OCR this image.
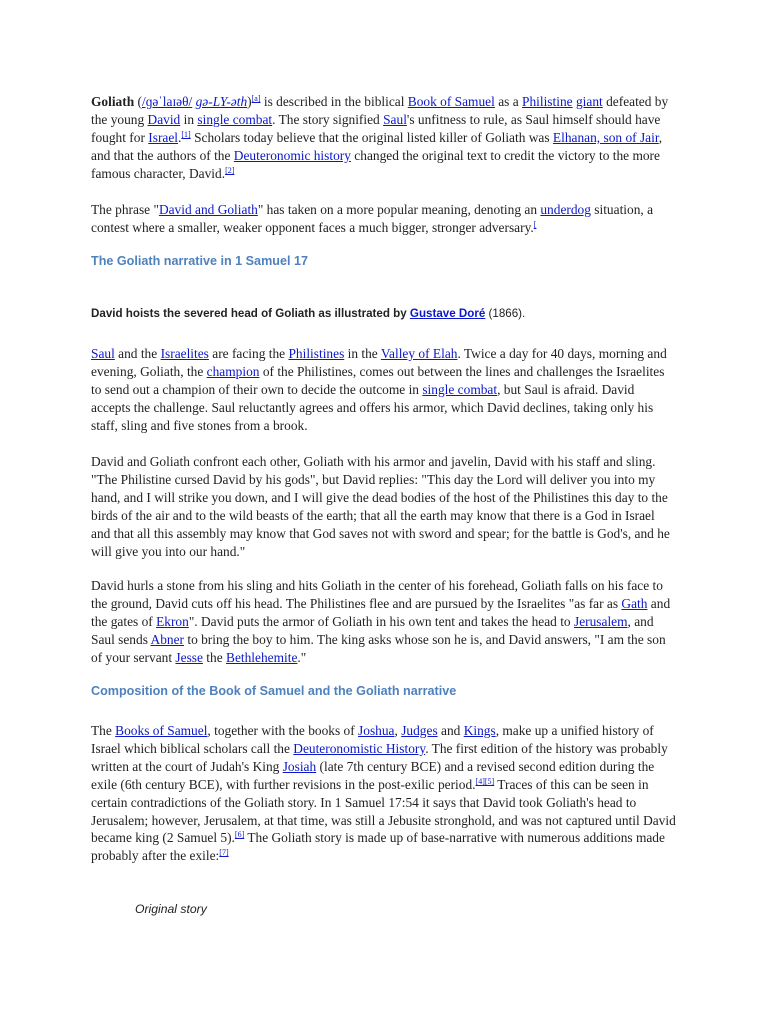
Goliath (/ɡəˈlaɪəθ/ gə-LY-əth)[a] is described in the biblical Book of Samuel as a Philistine giant defeated by the young David in single combat. The story signified Saul's unfitness to rule, as Saul himself should have fought for Israel.[1] Scholars today believe that the original listed killer of Goliath was Elhanan, son of Jair, and that the authors of the Deuteronomic history changed the original text to credit the victory to the more famous character, David.[2]

The phrase "David and Goliath" has taken on a more popular meaning, denoting an underdog situation, a contest where a smaller, weaker opponent faces a much bigger, stronger adversary.[

The Goliath narrative in 1 Samuel 17
David hoists the severed head of Goliath as illustrated by Gustave Doré (1866).

Saul and the Israelites are facing the Philistines in the Valley of Elah. Twice a day for 40 days, morning and evening, Goliath, the champion of the Philistines, comes out between the lines and challenges the Israelites to send out a champion of their own to decide the outcome in single combat, but Saul is afraid. David accepts the challenge. Saul reluctantly agrees and offers his armor, which David declines, taking only his staff, sling and five stones from a brook.

David and Goliath confront each other, Goliath with his armor and javelin, David with his staff and sling. "The Philistine cursed David by his gods", but David replies: "This day the Lord will deliver you into my hand, and I will strike you down, and I will give the dead bodies of the host of the Philistines this day to the birds of the air and to the wild beasts of the earth; that all the earth may know that there is a God in Israel and that all this assembly may know that God saves not with sword and spear; for the battle is God's, and he will give you into our hand."

David hurls a stone from his sling and hits Goliath in the center of his forehead, Goliath falls on his face to the ground, David cuts off his head. The Philistines flee and are pursued by the Israelites "as far as Gath and the gates of Ekron". David puts the armor of Goliath in his own tent and takes the head to Jerusalem, and Saul sends Abner to bring the boy to him. The king asks whose son he is, and David answers, "I am the son of your servant Jesse the Bethlehemite."

Composition of the Book of Samuel and the Goliath narrative

The Books of Samuel, together with the books of Joshua, Judges and Kings, make up a unified history of Israel which biblical scholars call the Deuteronomistic History. The first edition of the history was probably written at the court of Judah's King Josiah (late 7th century BCE) and a revised second edition during the exile (6th century BCE), with further revisions in the post-exilic period.[4][5] Traces of this can be seen in certain contradictions of the Goliath story. In 1 Samuel 17:54 it says that David took Goliath's head to Jerusalem; however, Jerusalem, at that time, was still a Jebusite stronghold, and was not captured until David became king (2 Samuel 5).[6] The Goliath story is made up of base-narrative with numerous additions made probably after the exile:[7]

Original story
